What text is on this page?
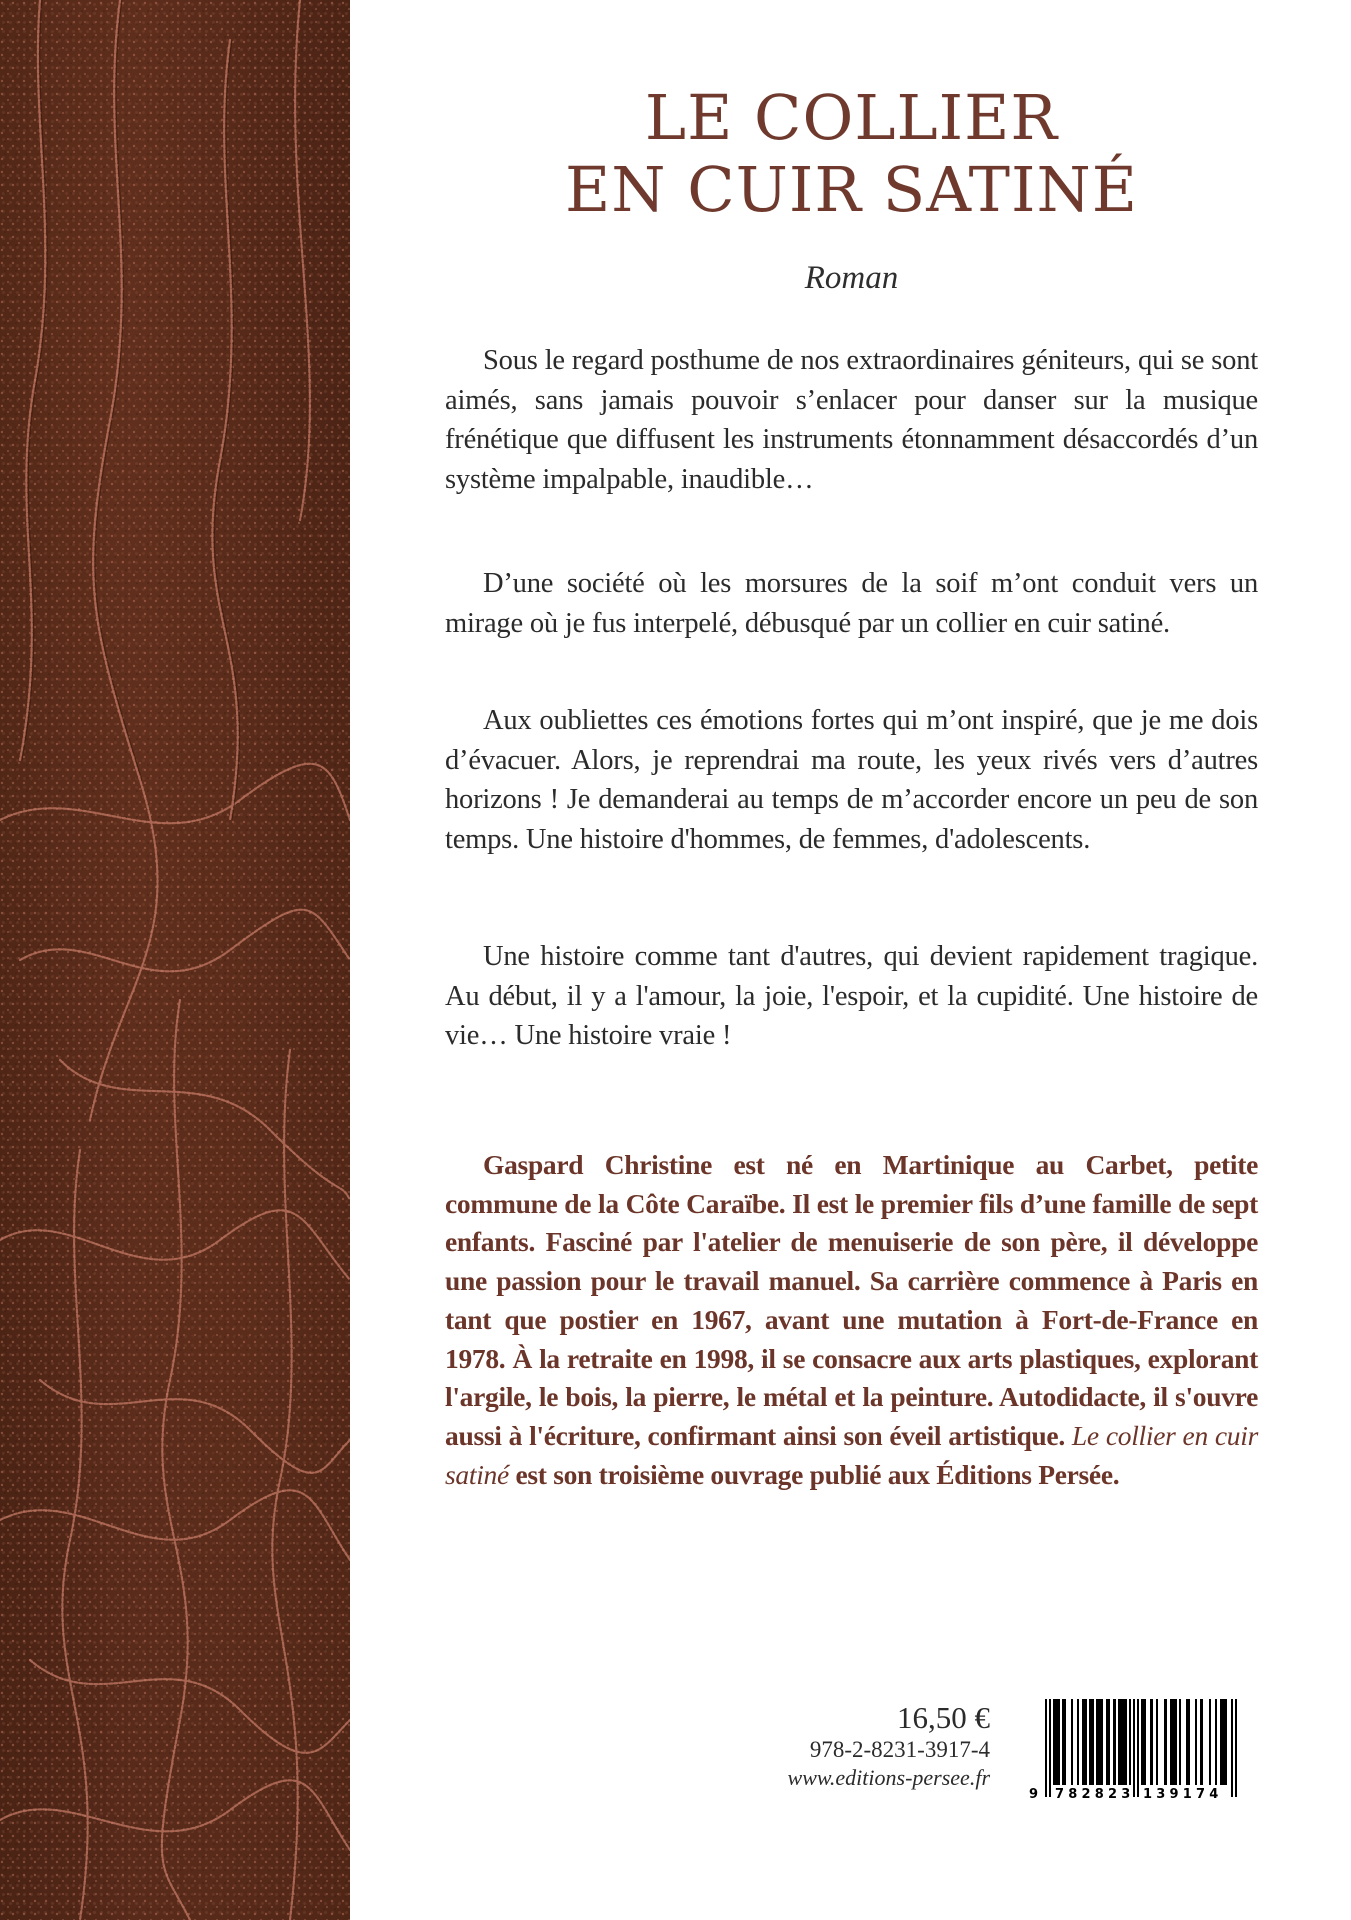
LE COLLIER
EN CUIR SATINÉ
Roman

Sous le regard posthume de nos extraordinaires géniteurs, qui se sont aimés, sans jamais pouvoir s’enlacer pour danser sur la musique frénétique que diffusent les instruments étonnamment désaccordés d’un système impalpable, inaudible…

D’une société où les morsures de la soif m’ont conduit vers un mirage où je fus interpelé, débusqué par un collier en cuir satiné.

Aux oubliettes ces émotions fortes qui m’ont inspiré, que je me dois d’évacuer. Alors, je reprendrai ma route, les yeux rivés vers d’autres horizons ! Je demanderai au temps de m’accorder encore un peu de son temps. Une histoire d'hommes, de femmes, d'adolescents.

Une histoire comme tant d'autres, qui devient rapidement tragique. Au début, il y a l'amour, la joie, l'espoir, et la cupidité. Une histoire de vie… Une histoire vraie !

Gaspard Christine est né en Martinique au Carbet, petite commune de la Côte Caraïbe. Il est le premier fils d’une famille de sept enfants. Fasciné par l'atelier de menuiserie de son père, il développe une passion pour le travail manuel. Sa carrière commence à Paris en tant que postier en 1967, avant une mutation à Fort-de-France en 1978. À la retraite en 1998, il se consacre aux arts plastiques, explorant l'argile, le bois, la pierre, le métal et la peinture. Autodidacte, il s'ouvre aussi à l'écriture, confirmant ainsi son éveil artistique. Le collier en cuir satiné est son troisième ouvrage publié aux Éditions Persée.

16,50 €
978-2-8231-3917-4
www.editions-persee.fr
9 782823 139174
